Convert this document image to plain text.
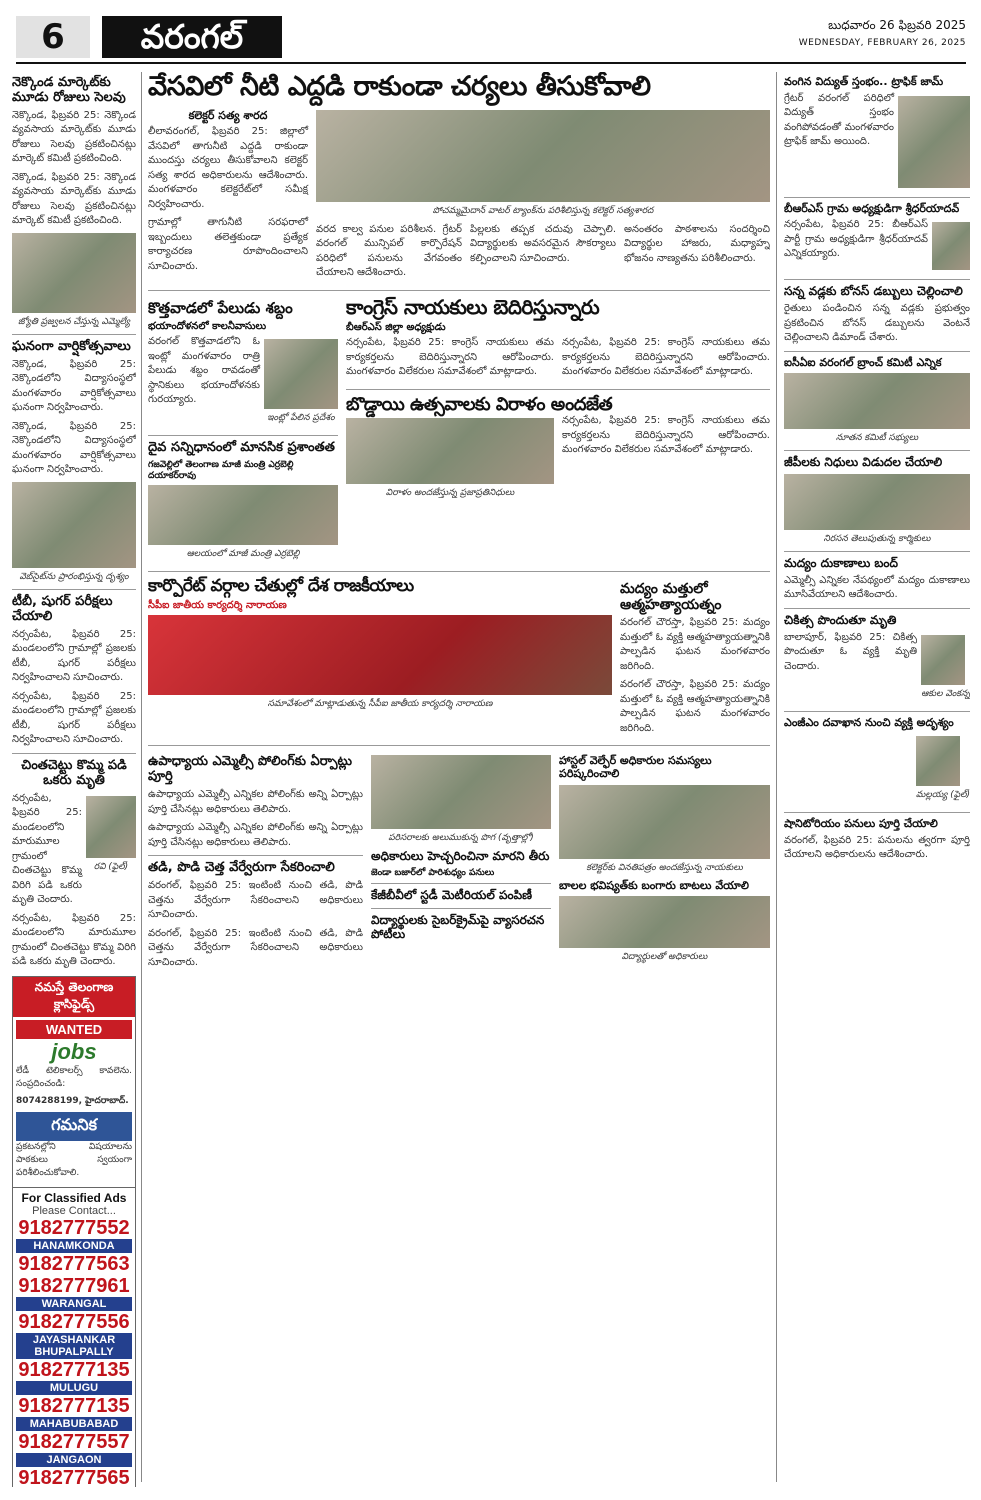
6	వరంగల్	బుధవారం 26 ఫిబ్రవరి 2025
WEDNESDAY, FEBRUARY 26, 2025
నెక్కొండ మార్కెట్‌కు మూడు రోజులు సెలవు

నెక్కొండ, ఫిబ్రవరి 25: నెక్కొండ వ్యవసాయ మార్కెట్‌కు మూడు రోజులు సెలవు ప్రకటించినట్లు మార్కెట్ కమిటీ ప్రకటించింది.

నెక్కొండ, ఫిబ్రవరి 25: నెక్కొండ వ్యవసాయ మార్కెట్‌కు మూడు రోజులు సెలవు ప్రకటించినట్లు మార్కెట్ కమిటీ ప్రకటించింది.

జ్యోతి ప్రజ్వలన చేస్తున్న ఎమ్మెల్యే
ఘనంగా వార్షికోత్సవాలు

నెక్కొండ, ఫిబ్రవరి 25: నెక్కొండలోని విద్యాసంస్థలో మంగళవారం వార్షికోత్సవాలు ఘనంగా నిర్వహించారు.

నెక్కొండ, ఫిబ్రవరి 25: నెక్కొండలోని విద్యాసంస్థలో మంగళవారం వార్షికోత్సవాలు ఘనంగా నిర్వహించారు.

వెబ్‌సైట్‌ను ప్రారంభిస్తున్న దృశ్యం
టీబీ, షుగర్ పరీక్షలు చేయాలి

నర్సంపేట, ఫిబ్రవరి 25: మండలంలోని గ్రామాల్లో ప్రజలకు టీబీ, షుగర్ పరీక్షలు నిర్వహించాలని సూచించారు.

నర్సంపేట, ఫిబ్రవరి 25: మండలంలోని గ్రామాల్లో ప్రజలకు టీబీ, షుగర్ పరీక్షలు నిర్వహించాలని సూచించారు.

చింతచెట్టు కొమ్మ పడి ఒకరు మృతి

నర్సంపేట, ఫిబ్రవరి 25: మండలంలోని మారుమూల గ్రామంలో చింతచెట్టు కొమ్మ విరిగి పడి ఒకరు మృతి చెందారు.

రవి (ఫైల్)

నర్సంపేట, ఫిబ్రవరి 25: మండలంలోని మారుమూల గ్రామంలో చింతచెట్టు కొమ్మ విరిగి పడి ఒకరు మృతి చెందారు.

నమస్తే తెలంగాణ క్లాసిఫైడ్స్
WANTED
jobs

లేడీ టెలికాలర్స్ కావలెను. సంప్రదించండి:

8074288199, హైదరాబాద్.

గమనిక

ప్రకటనల్లోని విషయాలను పాఠకులు స్వయంగా పరిశీలించుకోవాలి.

For Classified Ads
Please Contact...
9182777552
HANAMKONDA
9182777563
9182777961
WARANGAL
9182777556
JAYASHANKAR BHUPALPALLY
9182777135
MULUGU
9182777135
MAHABUBABAD
9182777557
JANGAON
9182777565
వేసవిలో నీటి ఎద్దడి రాకుండా చర్యలు తీసుకోవాలి
కలెక్టర్ సత్య శారద

లీలావరంగల్, ఫిబ్రవరి 25: జిల్లాలో వేసవిలో తాగునీటి ఎద్దడి రాకుండా ముందస్తు చర్యలు తీసుకోవాలని కలెక్టర్ సత్య శారద అధికారులను ఆదేశించారు. మంగళవారం కలెక్టరేట్‌లో సమీక్ష నిర్వహించారు.

గ్రామాల్లో తాగునీటి సరఫరాలో ఇబ్బందులు తలెత్తకుండా ప్రత్యేక కార్యాచరణ రూపొందించాలని సూచించారు.

పోచమ్మమైదాన్ వాటర్ ట్యాంక్‌ను పరిశీలిస్తున్న కలెక్టర్ సత్యశారద

వరద కాల్వ పనుల పరిశీలన. గ్రేటర్ వరంగల్ మున్సిపల్ కార్పొరేషన్ పరిధిలో పనులను వేగవంతం చేయాలని ఆదేశించారు.

పిల్లలకు తప్పక చదువు చెప్పాలి. విద్యార్థులకు అవసరమైన సౌకర్యాలు కల్పించాలని సూచించారు.

అనంతరం పాఠశాలను సందర్శించి విద్యార్థుల హాజరు, మధ్యాహ్న భోజనం నాణ్యతను పరిశీలించారు.

కొత్తవాడలో పేలుడు శబ్దం
భయాందోళనలో కాలనీవాసులు

వరంగల్ కొత్తవాడలోని ఓ ఇంట్లో మంగళవారం రాత్రి పేలుడు శబ్దం రావడంతో స్థానికులు భయాందోళనకు గురయ్యారు.

ఇంట్లో పేలిన ప్రదేశం
దైవ సన్నిధానంలో మానసిక ప్రశాంతత
గజవెల్లిలో తెలంగాణ మాజీ మంత్రి ఎర్రబెల్లి దయాకర్‌రావు
ఆలయంలో మాజీ మంత్రి ఎర్రబెల్లి
కాంగ్రెస్ నాయకులు బెదిరిస్తున్నారు
బీఆర్ఎస్ జిల్లా అధ్యక్షుడు

నర్సంపేట, ఫిబ్రవరి 25: కాంగ్రెస్ నాయకులు తమ కార్యకర్తలను బెదిరిస్తున్నారని ఆరోపించారు. మంగళవారం విలేకరుల సమావేశంలో మాట్లాడారు.

నర్సంపేట, ఫిబ్రవరి 25: కాంగ్రెస్ నాయకులు తమ కార్యకర్తలను బెదిరిస్తున్నారని ఆరోపించారు. మంగళవారం విలేకరుల సమావేశంలో మాట్లాడారు.

బొడ్డాయి ఉత్సవాలకు విరాళం అందజేత
విరాళం అందజేస్తున్న ప్రజాప్రతినిధులు

నర్సంపేట, ఫిబ్రవరి 25: కాంగ్రెస్ నాయకులు తమ కార్యకర్తలను బెదిరిస్తున్నారని ఆరోపించారు. మంగళవారం విలేకరుల సమావేశంలో మాట్లాడారు.

కార్పొరేట్ వర్గాల చేతుల్లో దేశ రాజకీయాలు
సీపీఐ జాతీయ కార్యదర్శి నారాయణ
సమావేశంలో మాట్లాడుతున్న సీపీఐ జాతీయ కార్యదర్శి నారాయణ
మద్యం మత్తులో ఆత్మహత్యాయత్నం

వరంగల్ చౌరస్తా, ఫిబ్రవరి 25: మద్యం మత్తులో ఓ వ్యక్తి ఆత్మహత్యాయత్నానికి పాల్పడిన ఘటన మంగళవారం జరిగింది.

వరంగల్ చౌరస్తా, ఫిబ్రవరి 25: మద్యం మత్తులో ఓ వ్యక్తి ఆత్మహత్యాయత్నానికి పాల్పడిన ఘటన మంగళవారం జరిగింది.

ఉపాధ్యాయ ఎమ్మెల్సీ పోలింగ్‌కు ఏర్పాట్లు పూర్తి

ఉపాధ్యాయ ఎమ్మెల్సీ ఎన్నికల పోలింగ్‌కు అన్ని ఏర్పాట్లు పూర్తి చేసినట్లు అధికారులు తెలిపారు.

ఉపాధ్యాయ ఎమ్మెల్సీ ఎన్నికల పోలింగ్‌కు అన్ని ఏర్పాట్లు పూర్తి చేసినట్లు అధికారులు తెలిపారు.

తడి, పొడి చెత్త వేర్వేరుగా సేకరించాలి

వరంగల్, ఫిబ్రవరి 25: ఇంటింటి నుంచి తడి, పొడి చెత్తను వేర్వేరుగా సేకరించాలని అధికారులు సూచించారు.

వరంగల్, ఫిబ్రవరి 25: ఇంటింటి నుంచి తడి, పొడి చెత్తను వేర్వేరుగా సేకరించాలని అధికారులు సూచించారు.

పరిసరాలకు అలుముకున్న పొగ (వృత్తాల్లో)
అధికారులు హెచ్చరించినా మారని తీరు
జెండా బజార్‌లో పారిశుధ్యం పనులు
కేజీబీవీలో స్టడీ మెటీరియల్ పంపిణీ
విద్యార్థులకు సైబర్‌క్రైమ్‌పై వ్యాసరచన పోటీలు
హాస్టల్ వెల్ఫేర్ అధికారుల సమస్యలు పరిష్కరించాలి
కలెక్టర్‌కు వినతిపత్రం అందజేస్తున్న నాయకులు
బాలల భవిష్యత్‌కు బంగారు బాటలు వేయాలి
విద్యార్థులతో అధికారులు
వంగిన విద్యుత్ స్తంభం.. ట్రాఫిక్ జామ్

గ్రేటర్ వరంగల్ పరిధిలో విద్యుత్ స్తంభం వంగిపోవడంతో మంగళవారం ట్రాఫిక్ జామ్ అయింది.

బీఆర్ఎస్ గ్రామ అధ్యక్షుడిగా శ్రీధర్‌యాదవ్

నర్సంపేట, ఫిబ్రవరి 25: బీఆర్ఎస్ పార్టీ గ్రామ అధ్యక్షుడిగా శ్రీధర్‌యాదవ్ ఎన్నికయ్యారు.

సన్న వడ్లకు బోనస్ డబ్బులు చెల్లించాలి

రైతులు పండించిన సన్న వడ్లకు ప్రభుత్వం ప్రకటించిన బోనస్ డబ్బులను వెంటనే చెల్లించాలని డిమాండ్ చేశారు.

ఐసీఏఐ వరంగల్ బ్రాంచ్ కమిటీ ఎన్నిక
నూతన కమిటీ సభ్యులు
జీపీలకు నిధులు విడుదల చేయాలి
నిరసన తెలుపుతున్న కార్మికులు
మద్యం దుకాణాలు బంద్

ఎమ్మెల్సీ ఎన్నికల నేపథ్యంలో మద్యం దుకాణాలు మూసివేయాలని ఆదేశించారు.

చికిత్స పొందుతూ మృతి

బాలాపూర్, ఫిబ్రవరి 25: చికిత్స పొందుతూ ఓ వ్యక్తి మృతి చెందారు.

ఆకుల వెంకన్న
ఎంజీఎం దవాఖాన నుంచి వ్యక్తి అదృశ్యం
మల్లయ్య (ఫైల్)
షానిటోరియం పనులు పూర్తి చేయాలి

వరంగల్, ఫిబ్రవరి 25: పనులను త్వరగా పూర్తి చేయాలని అధికారులను ఆదేశించారు.
